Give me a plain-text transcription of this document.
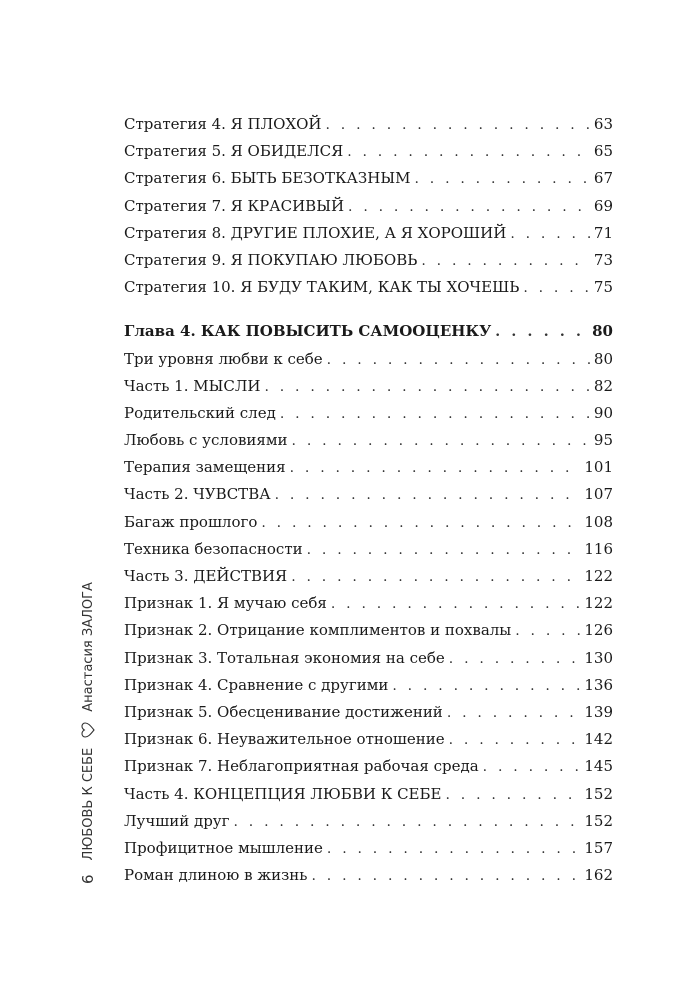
Стратегия 4. Я ПЛОХОЙ . . .	63
Стратегия 5. Я ОБИДЕЛСЯ . . .	65
Стратегия 6. БЫТЬ БЕЗОТКАЗНЫМ . . .	67
Стратегия 7. Я КРАСИВЫЙ . . .	69
Стратегия 8. ДРУГИЕ ПЛОХИЕ, А Я ХОРОШИЙ . . .	71
Стратегия 9. Я ПОКУПАЮ ЛЮБОВЬ . . .	73
Стратегия 10. Я БУДУ ТАКИМ, КАК ТЫ ХОЧЕШЬ . . .	75
Глава 4. КАК ПОВЫСИТЬ САМООЦЕНКУ . . .	80
Три уровня любви к себе . . .	80
Часть 1. МЫСЛИ . . .	82
Родительский след . . .	90
Любовь с условиями . . .	95
Терапия замещения . . .	101
Часть 2. ЧУВСТВА . . .	107
Багаж прошлого . . .	108
Техника безопасности . . .	116
Часть 3. ДЕЙСТВИЯ . . .	122
Признак 1. Я мучаю себя . . .	122
Признак 2. Отрицание комплиментов и похвалы . . .	126
Признак 3. Тотальная экономия на себе . . .	130
Признак 4. Сравнение с другими . . .	136
Признак 5. Обесценивание достижений . . .	139
Признак 6. Неуважительное отношение . . .	142
Признак 7. Неблагоприятная рабочая среда . . .	145
Часть 4. КОНЦЕПЦИЯ ЛЮБВИ К СЕБЕ . . .	152
Лучший друг . . .	152
Профицитное мышление . . .	157
Роман длиною в жизнь . . .	162
6
ЛЮБОВЬ К СЕБЕ
Анастасия ЗАЛОГА
